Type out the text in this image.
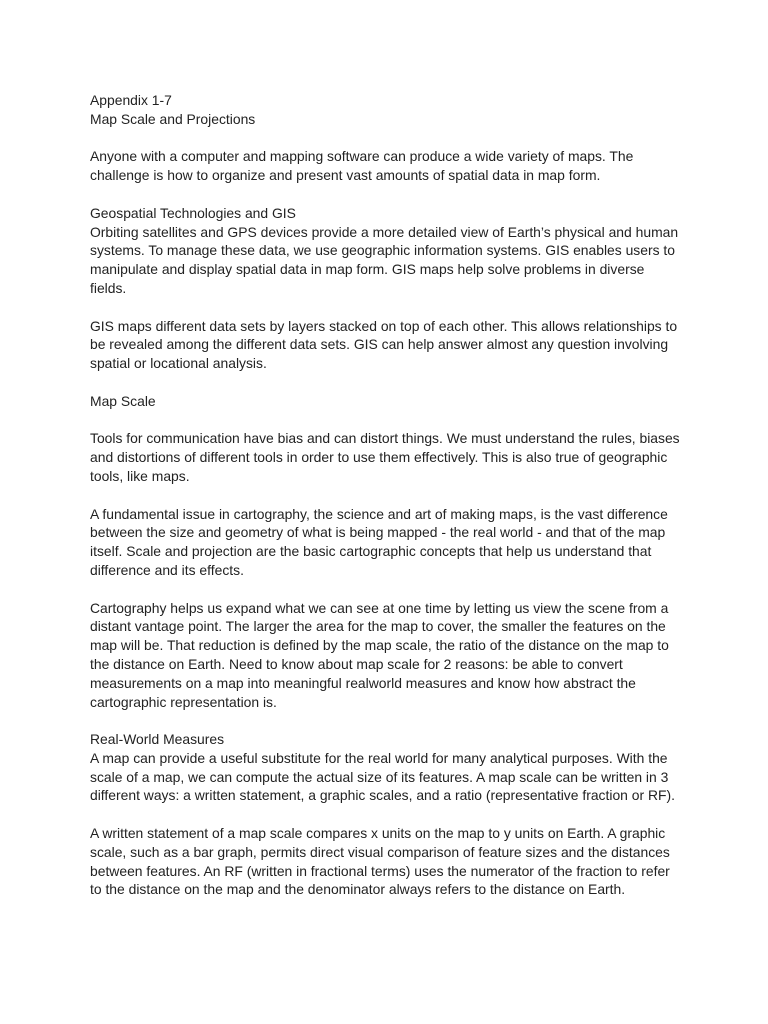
Appendix 1-7
Map Scale and Projections
Anyone with a computer and mapping software can produce a wide variety of maps. The
challenge is how to organize and present vast amounts of spatial data in map form.
Geospatial Technologies and GIS
Orbiting satellites and GPS devices provide a more detailed view of Earth’s physical and human
systems. To manage these data, we use geographic information systems. GIS enables users to
manipulate and display spatial data in map form. GIS maps help solve problems in diverse
fields.
GIS maps different data sets by layers stacked on top of each other. This allows relationships to
be revealed among the different data sets. GIS can help answer almost any question involving
spatial or locational analysis.
Map Scale
Tools for communication have bias and can distort things. We must understand the rules, biases
and distortions of different tools in order to use them effectively. This is also true of geographic
tools, like maps.
A fundamental issue in cartography, the science and art of making maps, is the vast difference
between the size and geometry of what is being mapped - the real world - and that of the map
itself. Scale and projection are the basic cartographic concepts that help us understand that
difference and its effects.
Cartography helps us expand what we can see at one time by letting us view the scene from a
distant vantage point. The larger the area for the map to cover, the smaller the features on the
map will be. That reduction is defined by the map scale, the ratio of the distance on the map to
the distance on Earth. Need to know about map scale for 2 reasons: be able to convert
measurements on a map into meaningful realworld measures and know how abstract the
cartographic representation is.
Real-World Measures
A map can provide a useful substitute for the real world for many analytical purposes. With the
scale of a map, we can compute the actual size of its features. A map scale can be written in 3
different ways: a written statement, a graphic scales, and a ratio (representative fraction or RF).
A written statement of a map scale compares x units on the map to y units on Earth. A graphic
scale, such as a bar graph, permits direct visual comparison of feature sizes and the distances
between features. An RF (written in fractional terms) uses the numerator of the fraction to refer
to the distance on the map and the denominator always refers to the distance on Earth.
